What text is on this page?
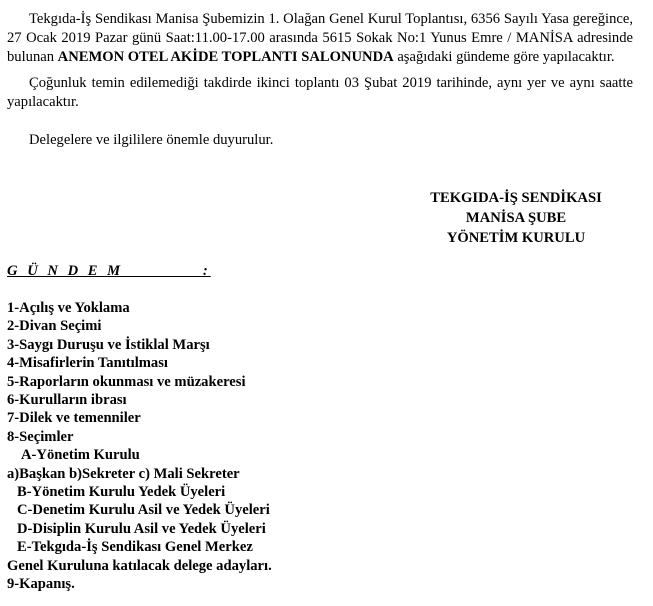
Tekgıda-İş Sendikası Manisa Şubemizin 1. Olağan Genel Kurul Toplantısı, 6356 Sayılı Yasa gereğince, 27 Ocak 2019 Pazar günü Saat:11.00-17.00 arasında 5615 Sokak No:1 Yunus Emre / MANİSA adresinde bulunan ANEMON OTEL AKİDE TOPLANTI SALONUNDA aşağıdaki gündeme göre yapılacaktır.

Çoğunluk temin edilemediği takdirde ikinci toplantı 03 Şubat 2019 tarihinde, aynı yer ve aynı saatte yapılacaktır.

Delegelere ve ilgililere önemle duyurulur.

TEKGIDA-İŞ SENDİKASI
MANİSA ŞUBE
YÖNETİM KURULU
G Ü N D E M            :
1-Açılış ve Yoklama
2-Divan Seçimi
3-Saygı Duruşu ve İstiklal Marşı
4-Misafirlerin Tanıtılması
5-Raporların okunması ve müzakeresi
6-Kurulların ibrası
7-Dilek ve temenniler
8-Seçimler
A-Yönetim Kurulu
a)Başkan b)Sekreter c) Mali Sekreter
B-Yönetim Kurulu Yedek Üyeleri
C-Denetim Kurulu Asil ve Yedek Üyeleri
D-Disiplin Kurulu Asil ve Yedek Üyeleri
E-Tekgıda-İş Sendikası Genel Merkez
Genel Kuruluna katılacak delege adayları.
9-Kapanış.
